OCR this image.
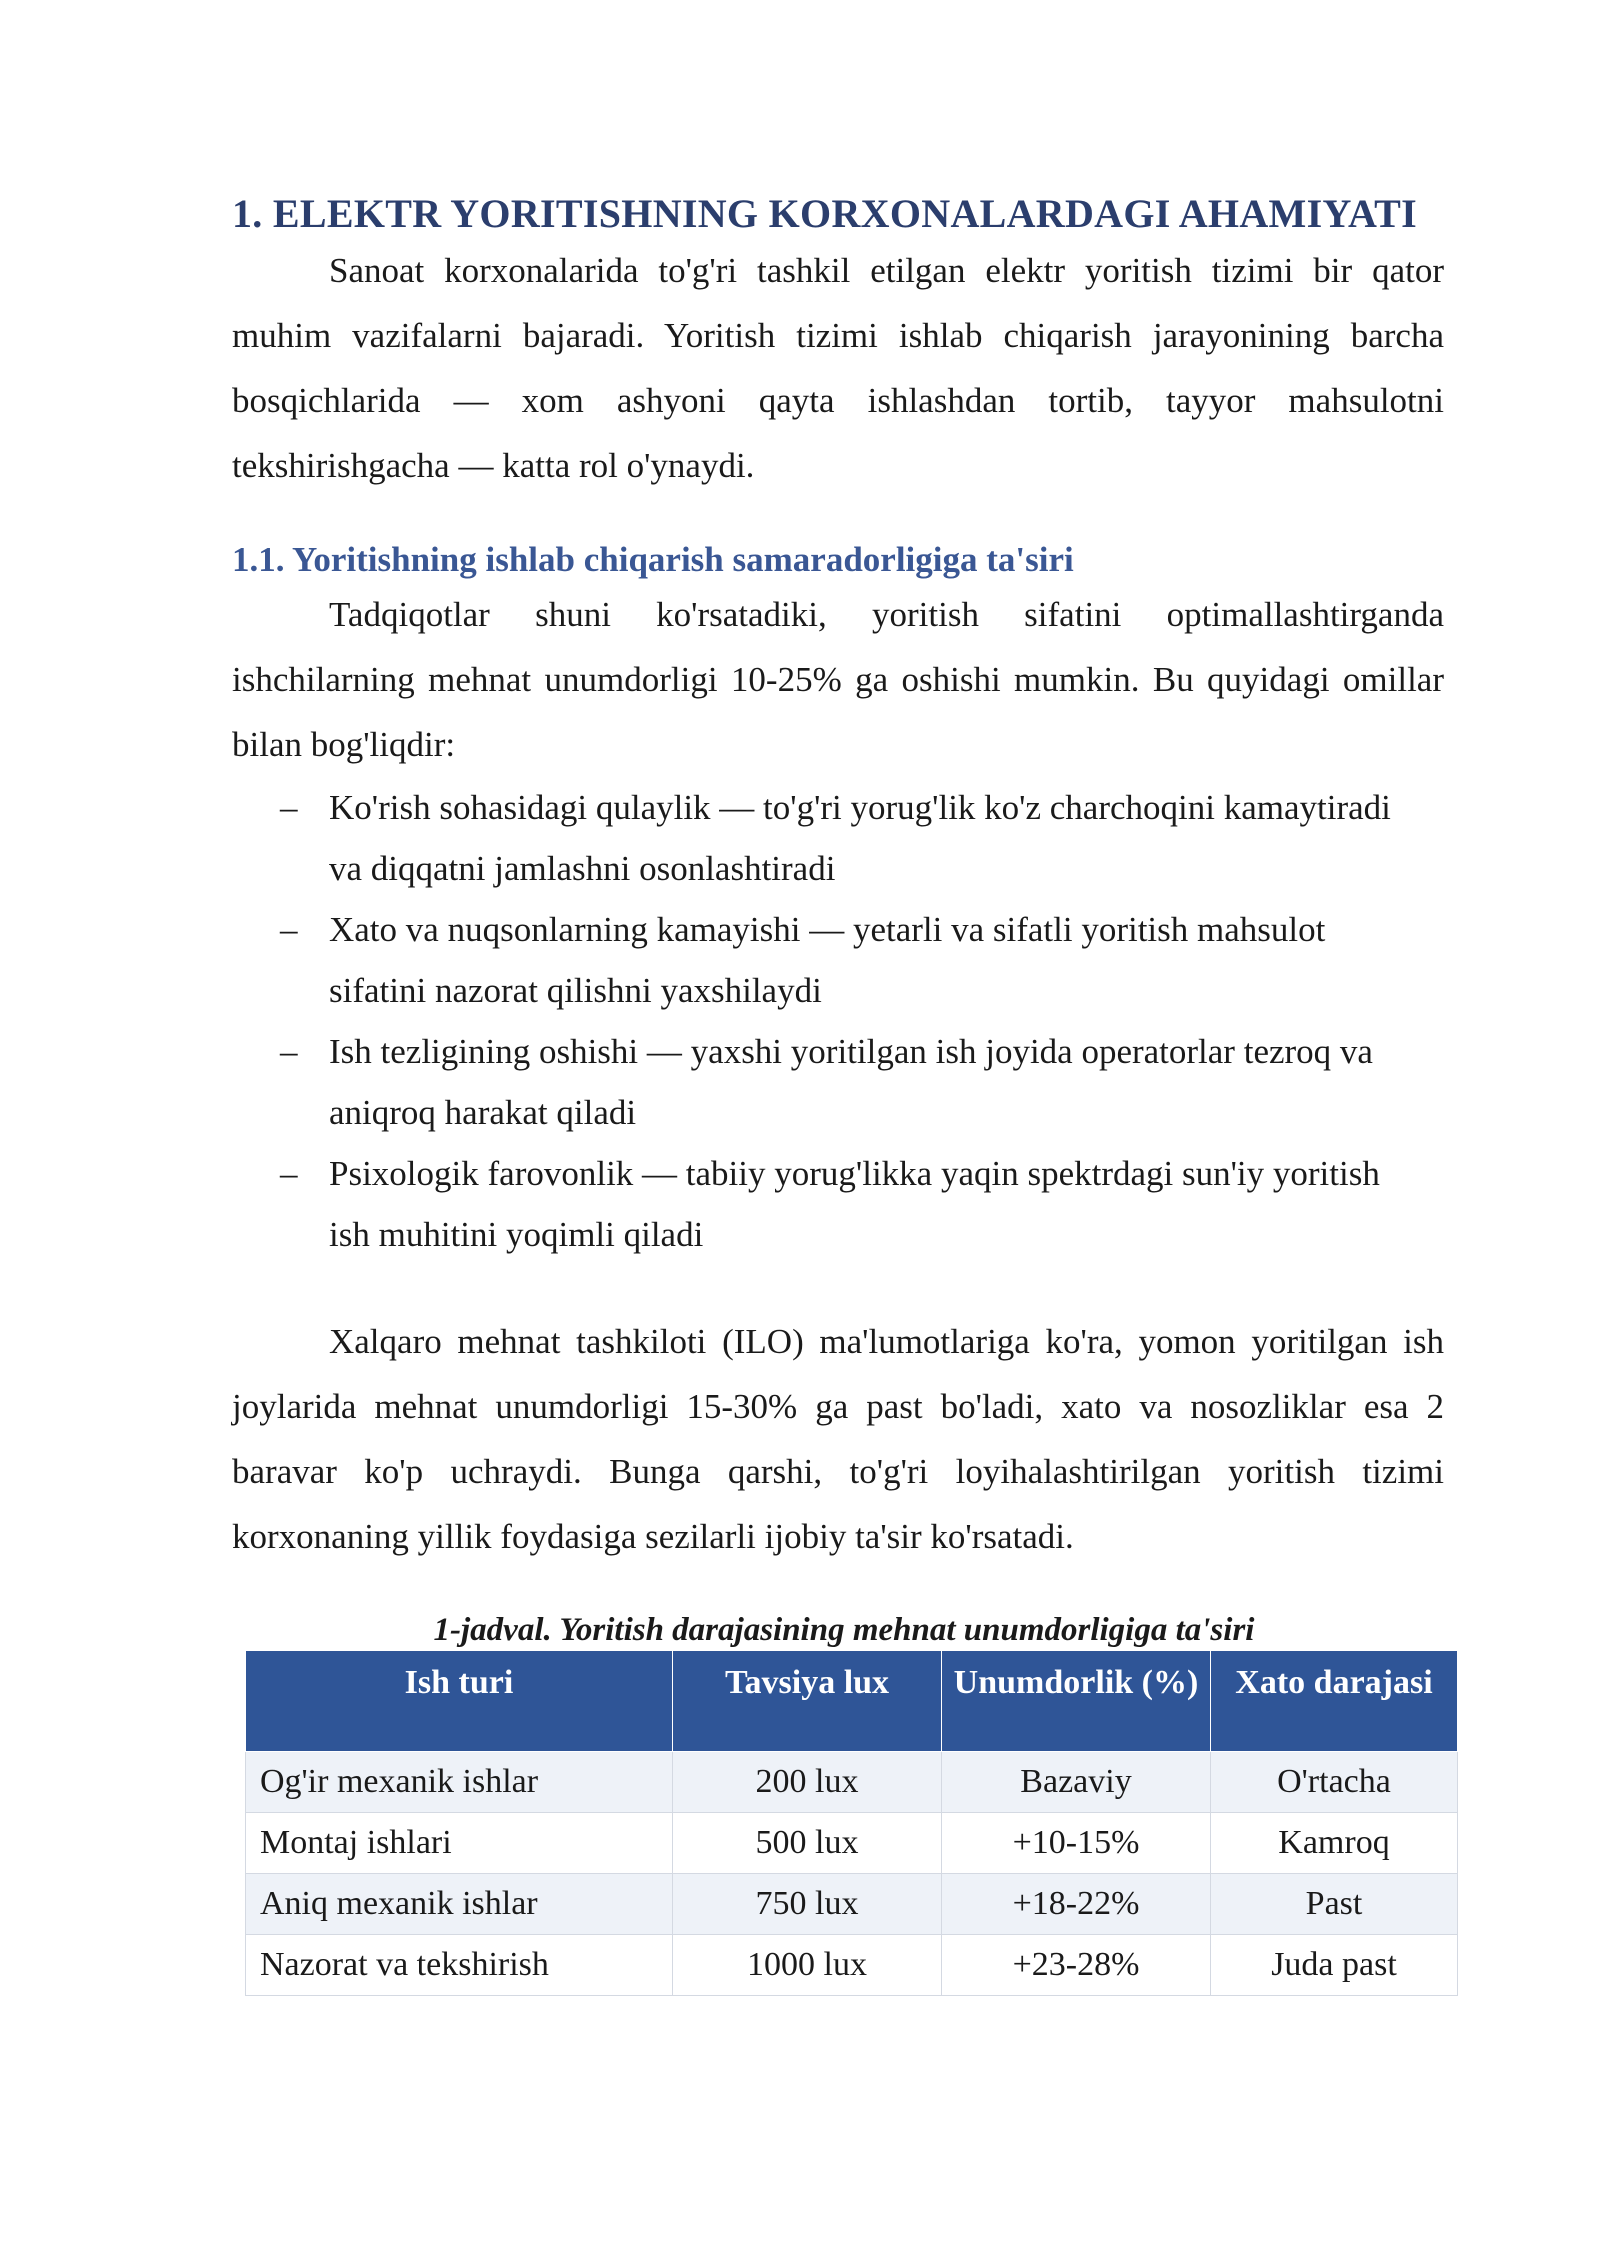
1. ELEKTR YORITISHNING KORXONALARDAGI AHAMIYATI

Sanoat korxonalarida to'g'ri tashkil etilgan elektr yoritish tizimi bir qator muhim vazifalarni bajaradi. Yoritish tizimi ishlab chiqarish jarayonining barcha bosqichlarida — xom ashyoni qayta ishlashdan tortib, tayyor mahsulotni tekshirishgacha — katta rol o'ynaydi.

1.1. Yoritishning ishlab chiqarish samaradorligiga ta'siri

Tadqiqotlar shuni ko'rsatadiki, yoritish sifatini optimallashtirganda ishchilarning mehnat unumdorligi 10-25% ga oshishi mumkin. Bu quyidagi omillar bilan bog'liqdir:

– Ko'rish sohasidagi qulaylik — to'g'ri yorug'lik ko'z charchoqini kamaytiradi va diqqatni jamlashni osonlashtiradi
– Xato va nuqsonlarning kamayishi — yetarli va sifatli yoritish mahsulot sifatini nazorat qilishni yaxshilaydi
– Ish tezligining oshishi — yaxshi yoritilgan ish joyida operatorlar tezroq va aniqroq harakat qiladi
– Psixologik farovonlik — tabiiy yorug'likka yaqin spektrdagi sun'iy yoritish ish muhitini yoqimli qiladi

Xalqaro mehnat tashkiloti (ILO) ma'lumotlariga ko'ra, yomon yoritilgan ish joylarida mehnat unumdorligi 15-30% ga past bo'ladi, xato va nosozliklar esa 2 baravar ko'p uchraydi. Bunga qarshi, to'g'ri loyihalashtirilgan yoritish tizimi korxonaning yillik foydasiga sezilarli ijobiy ta'sir ko'rsatadi.

1-jadval. Yoritish darajasining mehnat unumdorligiga ta'siri
Ish turi	Tavsiya lux	Unumdorlik (%)	Xato darajasi
Og'ir mexanik ishlar	200 lux	Bazaviy	O'rtacha
Montaj ishlari	500 lux	+10-15%	Kamroq
Aniq mexanik ishlar	750 lux	+18-22%	Past
Nazorat va tekshirish	1000 lux	+23-28%	Juda past
